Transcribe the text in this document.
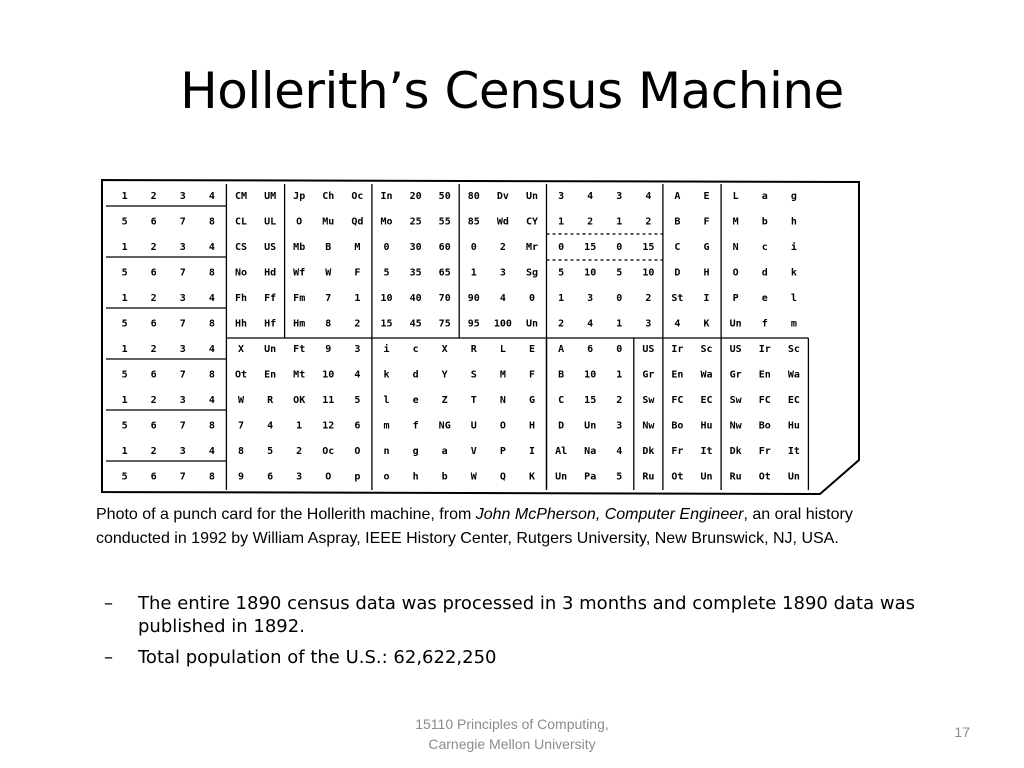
Hollerith’s Census Machine
1 2 3 4 CM UM Jp Ch Oc In 20 50 80 Dv Un 3 4 3 4 A E L a g
5 6 7 8 CL UL O Mu Qd Mo 25 55 85 Wd CY 1 2 1 2 B F M b h
1 2 3 4 CS US Mb B M 0 30 60 0 2 Mr 0 15 0 15 C G N c i
5 6 7 8 No Hd Wf W F 5 35 65 1 3 Sg 5 10 5 10 D H O d k
1 2 3 4 Fh Ff Fm 7 1 10 40 70 90 4 0 1 3 0 2 St I P e l
5 6 7 8 Hh Hf Hm 8 2 15 45 75 95 100 Un 2 4 1 3 4 K Un f m
1 2 3 4 X Un Ft 9 3 i c X R L E A 6 0 US Ir Sc US Ir Sc
5 6 7 8 Ot En Mt 10 4 k d Y S M F B 10 1 Gr En Wa Gr En Wa
1 2 3 4 W R OK 11 5 l e Z T N G C 15 2 Sw FC EC Sw FC EC
5 6 7 8 7 4 1 12 6 m f NG U O H D Un 3 Nw Bo Hu Nw Bo Hu
1 2 3 4 8 5 2 Oc O n g a V P I Al Na 4 Dk Fr It Dk Fr It
5 6 7 8 9 6 3 O p o h b W Q K Un Pa 5 Ru Ot Un Ru Ot Un

Photo of a punch card for the Hollerith machine, from John McPherson, Computer Engineer, an oral history conducted in 1992 by William Aspray, IEEE History Center, Rutgers University, New Brunswick, NJ, USA.

– The entire 1890 census data was processed in 3 months and complete 1890 data was published in 1892.
– Total population of the U.S.: 62,622,250
15110 Principles of Computing,
Carnegie Mellon University
17
